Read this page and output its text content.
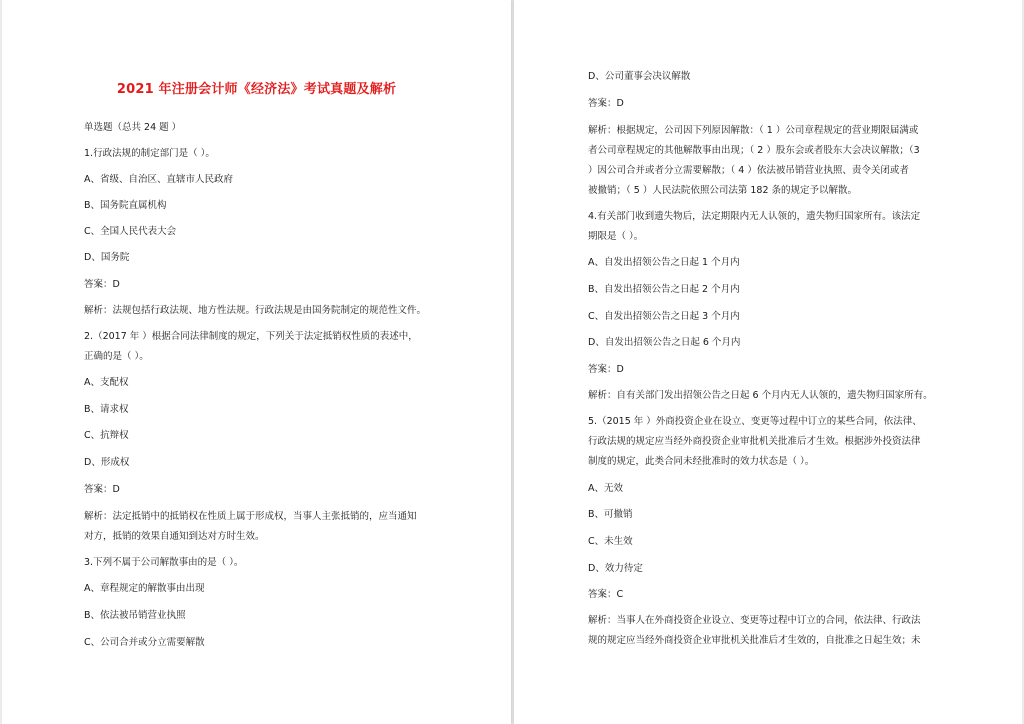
2021 年注册会计师《经济法》考试真题及解析
单选题（总共 24 题 ）
1.行政法规的制定部门是（ ）。
A、省级、自治区、直辖市人民政府
B、国务院直属机构
C、全国人民代表大会
D、国务院
答案：D
解析：法规包括行政法规、地方性法规。行政法规是由国务院制定的规范性文件。
2.（2017 年 ）根据合同法律制度的规定，下列关于法定抵销权性质的表述中，
正确的是（ ）。
A、支配权
B、请求权
C、抗辩权
D、形成权
答案：D
解析：法定抵销中的抵销权在性质上属于形成权，当事人主张抵销的，应当通知
对方，抵销的效果自通知到达对方时生效。
3.下列不属于公司解散事由的是（ ）。
A、章程规定的解散事由出现
B、依法被吊销营业执照
C、公司合并或分立需要解散
D、公司董事会决议解散
答案：D
解析：根据规定，公司因下列原因解散：（ 1 ）公司章程规定的营业期限届满或
者公司章程规定的其他解散事由出现；（ 2 ）股东会或者股东大会决议解散；（3
）因公司合并或者分立需要解散；（ 4 ）依法被吊销营业执照、责令关闭或者
被撤销；（ 5 ）人民法院依照公司法第 182 条的规定予以解散。
4.有关部门收到遗失物后，法定期限内无人认领的，遗失物归国家所有。该法定
期限是（ ）。
A、自发出招领公告之日起 1 个月内
B、自发出招领公告之日起 2 个月内
C、自发出招领公告之日起 3 个月内
D、自发出招领公告之日起 6 个月内
答案：D
解析：自有关部门发出招领公告之日起 6 个月内无人认领的，遗失物归国家所有。
5.（2015 年 ）外商投资企业在设立、变更等过程中订立的某些合同，依法律、
行政法规的规定应当经外商投资企业审批机关批准后才生效。根据涉外投资法律
制度的规定，此类合同未经批准时的效力状态是（ ）。
A、无效
B、可撤销
C、未生效
D、效力待定
答案：C
解析：当事人在外商投资企业设立、变更等过程中订立的合同，依法律、行政法
规的规定应当经外商投资企业审批机关批准后才生效的，自批准之日起生效；未
